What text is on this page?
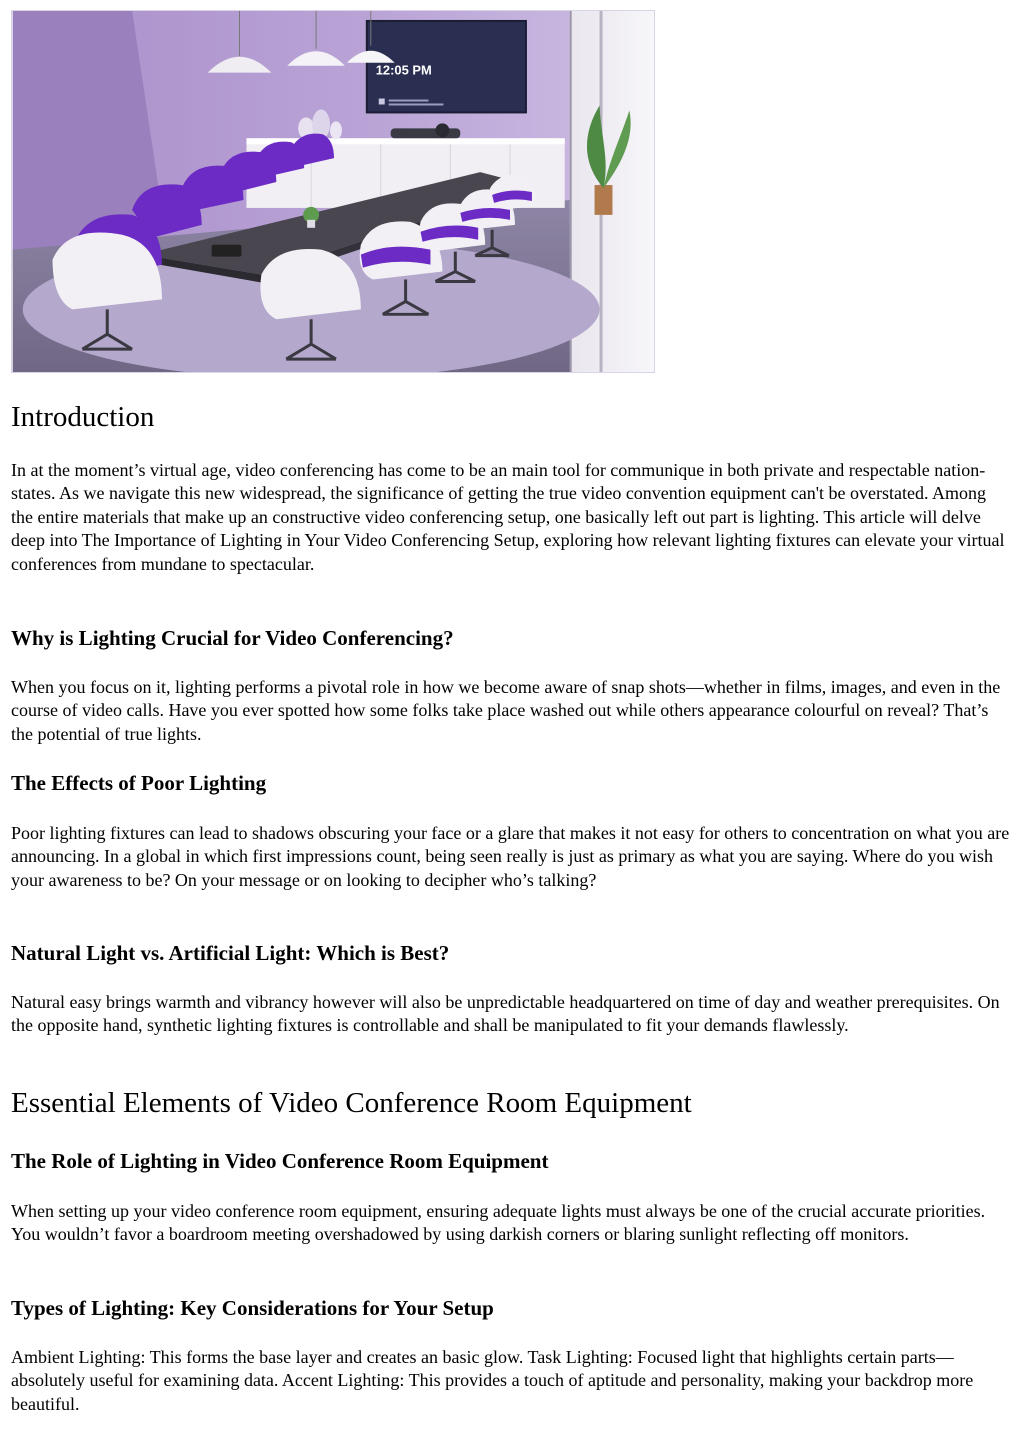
12:05 PM
Introduction

In at the moment’s virtual age, video conferencing has come to be an main tool for communique in both private and respectable nation-states. As we navigate this new widespread, the significance of getting the true video convention equipment can't be overstated. Among the entire materials that make up an constructive video conferencing setup, one basically left out part is lighting. This article will delve deep into The Importance of Lighting in Your Video Conferencing Setup, exploring how relevant lighting fixtures can elevate your virtual conferences from mundane to spectacular.

Why is Lighting Crucial for Video Conferencing?

When you focus on it, lighting performs a pivotal role in how we become aware of snap shots—whether in films, images, and even in the course of video calls. Have you ever spotted how some folks take place washed out while others appearance colourful on reveal? That’s the potential of true lights.

The Effects of Poor Lighting

Poor lighting fixtures can lead to shadows obscuring your face or a glare that makes it not easy for others to concentration on what you are announcing. In a global in which first impressions count, being seen really is just as primary as what you are saying. Where do you wish your awareness to be? On your message or on looking to decipher who’s talking?

Natural Light vs. Artificial Light: Which is Best?

Natural easy brings warmth and vibrancy however will also be unpredictable headquartered on time of day and weather prerequisites. On the opposite hand, synthetic lighting fixtures is controllable and shall be manipulated to fit your demands flawlessly.

Essential Elements of Video Conference Room Equipment
The Role of Lighting in Video Conference Room Equipment

When setting up your video conference room equipment, ensuring adequate lights must always be one of the crucial accurate priorities. You wouldn’t favor a boardroom meeting overshadowed by using darkish corners or blaring sunlight reflecting off monitors.

Types of Lighting: Key Considerations for Your Setup

Ambient Lighting: This forms the base layer and creates an basic glow. Task Lighting: Focused light that highlights certain parts—absolutely useful for examining data. Accent Lighting: This provides a touch of aptitude and personality, making your backdrop more beautiful.
